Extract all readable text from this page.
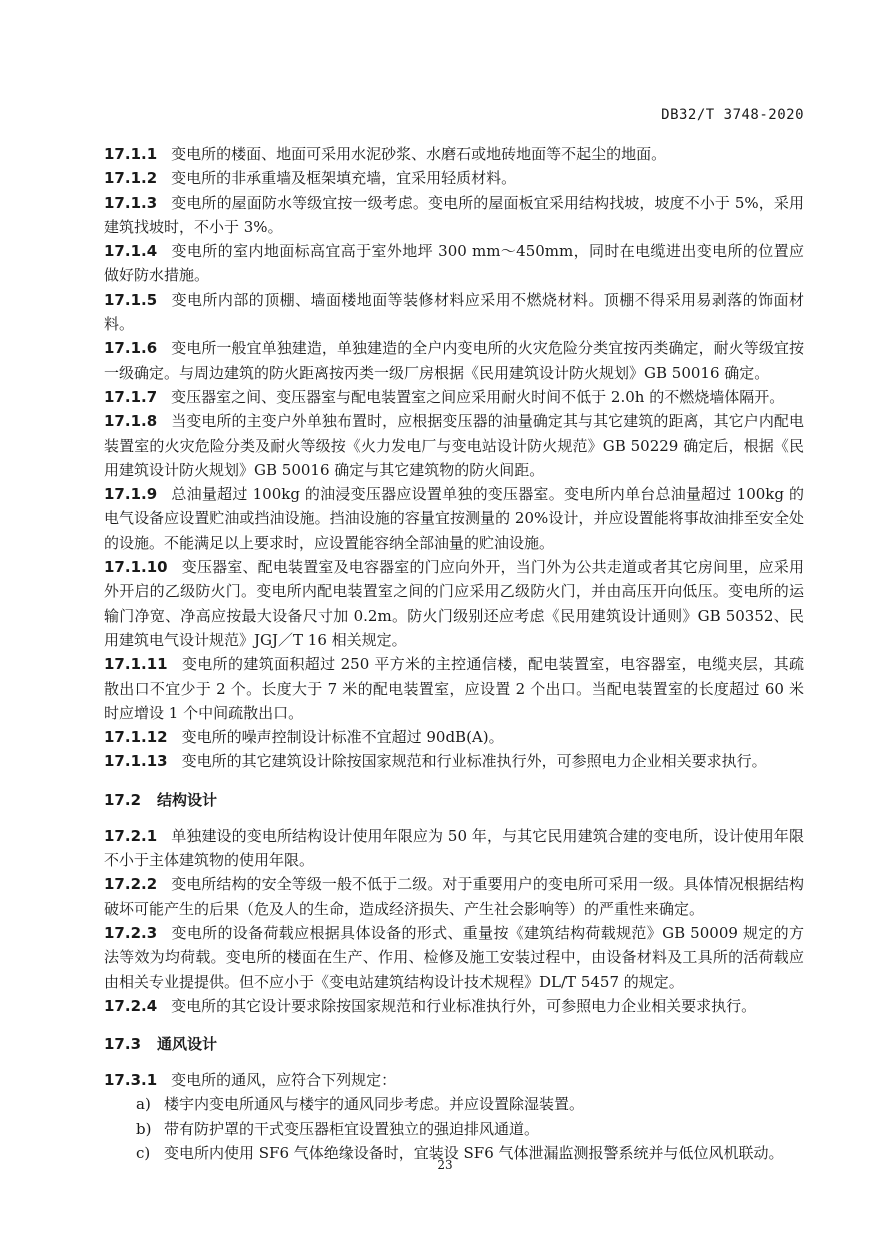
DB32/T 3748-2020

17.1.1 变电所的楼面、地面可采用水泥砂浆、水磨石或地砖地面等不起尘的地面。

17.1.2 变电所的非承重墙及框架填充墙，宜采用轻质材料。

17.1.3 变电所的屋面防水等级宜按一级考虑。变电所的屋面板宜采用结构找坡，坡度不小于 5%，采用建筑找坡时，不小于 3%。

17.1.4 变电所的室内地面标高宜高于室外地坪 300 mm～450mm，同时在电缆进出变电所的位置应做好防水措施。

17.1.5 变电所内部的顶棚、墙面楼地面等装修材料应采用不燃烧材料。顶棚不得采用易剥落的饰面材料。

17.1.6 变电所一般宜单独建造，单独建造的全户内变电所的火灾危险分类宜按丙类确定，耐火等级宜按一级确定。与周边建筑的防火距离按丙类一级厂房根据《民用建筑设计防火规划》GB 50016 确定。

17.1.7 变压器室之间、变压器室与配电装置室之间应采用耐火时间不低于 2.0h 的不燃烧墙体隔开。

17.1.8 当变电所的主变户外单独布置时，应根据变压器的油量确定其与其它建筑的距离，其它户内配电装置室的火灾危险分类及耐火等级按《火力发电厂与变电站设计防火规范》GB 50229 确定后，根据《民用建筑设计防火规划》GB 50016 确定与其它建筑物的防火间距。

17.1.9 总油量超过 100kg 的油浸变压器应设置单独的变压器室。变电所内单台总油量超过 100kg 的电气设备应设置贮油或挡油设施。挡油设施的容量宜按测量的 20%设计，并应设置能将事故油排至安全处的设施。不能满足以上要求时，应设置能容纳全部油量的贮油设施。

17.1.10 变压器室、配电装置室及电容器室的门应向外开，当门外为公共走道或者其它房间里，应采用外开启的乙级防火门。变电所内配电装置室之间的门应采用乙级防火门，并由高压开向低压。变电所的运输门净宽、净高应按最大设备尺寸加 0.2m。防火门级别还应考虑《民用建筑设计通则》GB 50352、民用建筑电气设计规范》JGJ／T 16 相关规定。

17.1.11 变电所的建筑面积超过 250 平方米的主控通信楼，配电装置室，电容器室，电缆夹层，其疏散出口不宜少于 2 个。长度大于 7 米的配电装置室，应设置 2 个出口。当配电装置室的长度超过 60 米时应增设 1 个中间疏散出口。

17.1.12 变电所的噪声控制设计标准不宜超过 90dB(A)。

17.1.13 变电所的其它建筑设计除按国家规范和行业标准执行外，可参照电力企业相关要求执行。

17.2 结构设计

17.2.1 单独建设的变电所结构设计使用年限应为 50 年，与其它民用建筑合建的变电所，设计使用年限不小于主体建筑物的使用年限。

17.2.2 变电所结构的安全等级一般不低于二级。对于重要用户的变电所可采用一级。具体情况根据结构破坏可能产生的后果（危及人的生命，造成经济损失、产生社会影响等）的严重性来确定。

17.2.3 变电所的设备荷载应根据具体设备的形式、重量按《建筑结构荷载规范》GB 50009 规定的方法等效为均荷载。变电所的楼面在生产、作用、检修及施工安装过程中，由设备材料及工具所的活荷载应由相关专业提提供。但不应小于《变电站建筑结构设计技术规程》DL/T 5457 的规定。

17.2.4 变电所的其它设计要求除按国家规范和行业标准执行外，可参照电力企业相关要求执行。

17.3 通风设计

17.3.1 变电所的通风，应符合下列规定：

a) 楼宇内变电所通风与楼宇的通风同步考虑。并应设置除湿装置。

b) 带有防护罩的干式变压器柜宜设置独立的强迫排风通道。

c) 变电所内使用 SF6 气体绝缘设备时，宜装设 SF6 气体泄漏监测报警系统并与低位风机联动。

23
